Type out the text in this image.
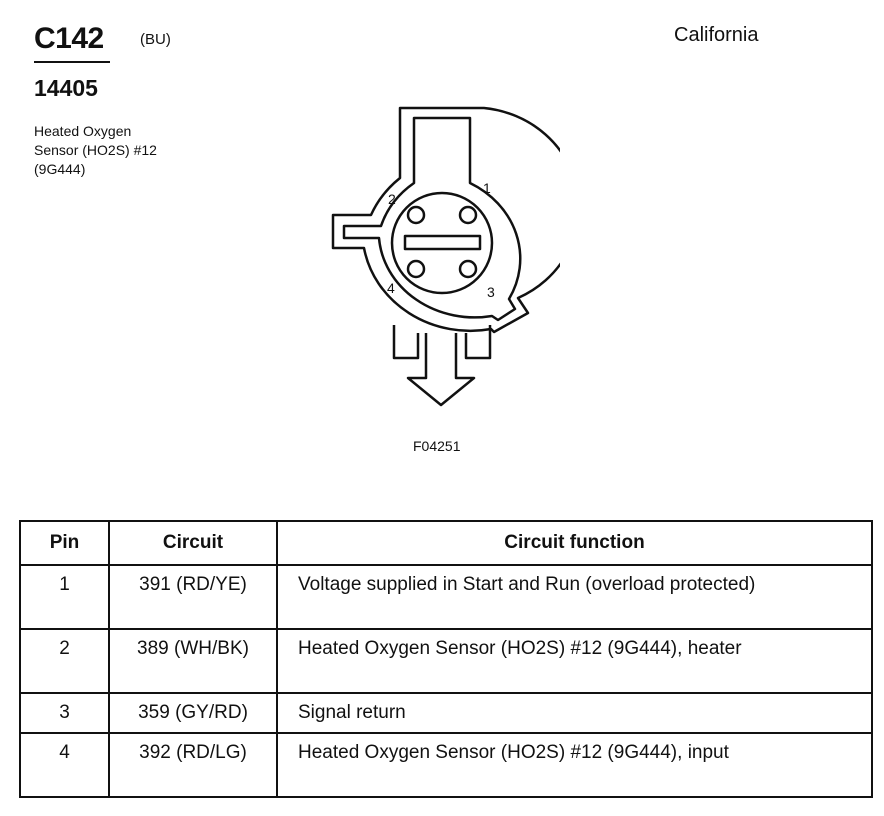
C142 (BU)
14405
Heated Oxygen
Sensor (HO2S) #12
(9G444)
California
1
2
3
4
F04251
Pin	Circuit	Circuit function
1	391 (RD/YE)	Voltage supplied in Start and Run (overload protected)
2	389 (WH/BK)	Heated Oxygen Sensor (HO2S) #12 (9G444), heater
3	359 (GY/RD)	Signal return
4	392 (RD/LG)	Heated Oxygen Sensor (HO2S) #12 (9G444), input
